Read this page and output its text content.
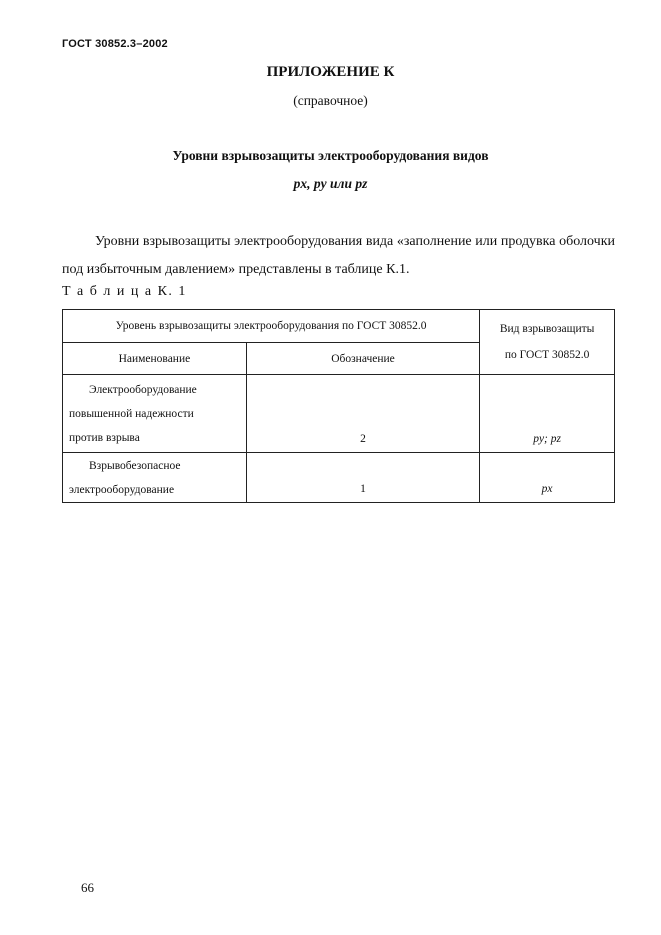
ГОСТ 30852.3–2002
ПРИЛОЖЕНИЕ К
(справочное)
Уровни взрывозащиты электрооборудования видов
px, py или pz
Уровни взрывозащиты электрооборудования вида «заполнение или продувка оболочки под избыточным давлением» представлены в таблице К.1.
Т а б л и ц а К. 1
Уровень взрывозащиты электрооборудования по ГОСТ 30852.0		Вид взрывозащиты
по ГОСТ 30852.0

Наименование	Обозначение	

Электрооборудование
повышенной надежности
против взрыва	2	py; pz

Взрывобезопасное
электрооборудование	1	px
66
